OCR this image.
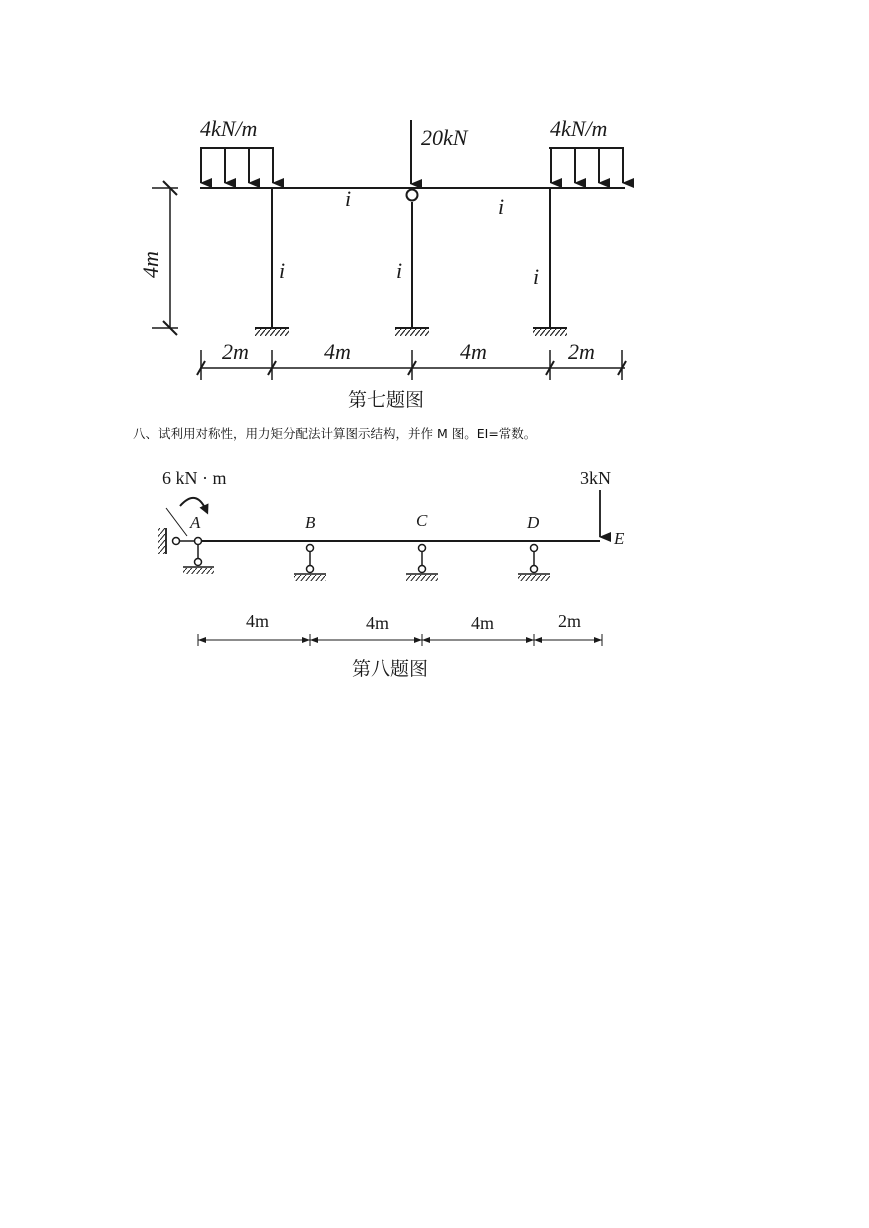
4kN/m	4kN/m
20kN
i	i
i	i	i
4m
2m	4m	4m	2m
第七题图
八、试利用对称性，用力矩分配法计算图示结构，并作 M 图。EI=常数。
6 kN · m	3kN
A	B	C	D
E
4m	4m	4m	2m
第八题图
